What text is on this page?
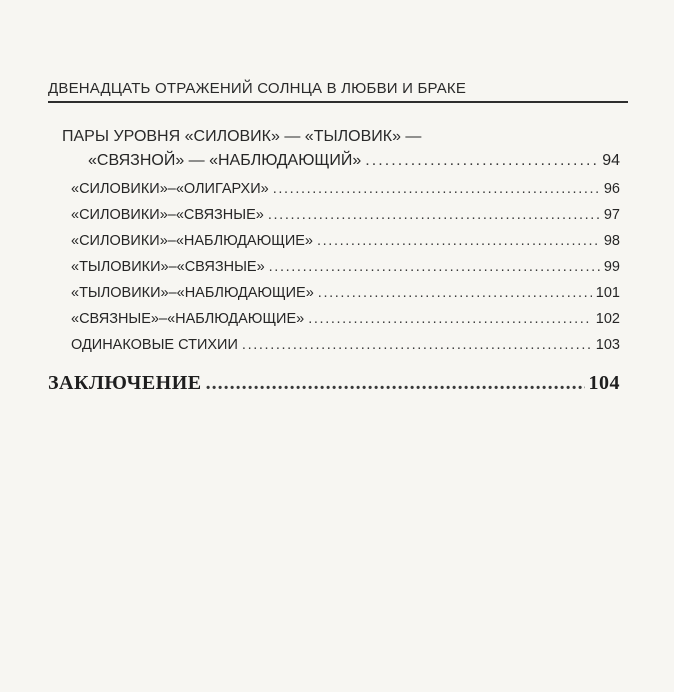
ДВЕНАДЦАТЬ ОТРАЖЕНИЙ СОЛНЦА В ЛЮБВИ И БРАКЕ
ПАРЫ УРОВНЯ «СИЛОВИК» — «ТЫЛОВИК» —
«СВЯЗНОЙ» — «НАБЛЮДАЮЩИЙ» . . .	94
«СИЛОВИКИ»–«ОЛИГАРХИ» . . .	96
«СИЛОВИКИ»–«СВЯЗНЫЕ» . . .	97
«СИЛОВИКИ»–«НАБЛЮДАЮЩИЕ» . . .	98
«ТЫЛОВИКИ»–«СВЯЗНЫЕ» . . .	99
«ТЫЛОВИКИ»–«НАБЛЮДАЮЩИЕ» . . .	101
«СВЯЗНЫЕ»–«НАБЛЮДАЮЩИЕ» . . .	102
ОДИНАКОВЫЕ СТИХИИ . . .	103
ЗАКЛЮЧЕНИЕ . . .	104
